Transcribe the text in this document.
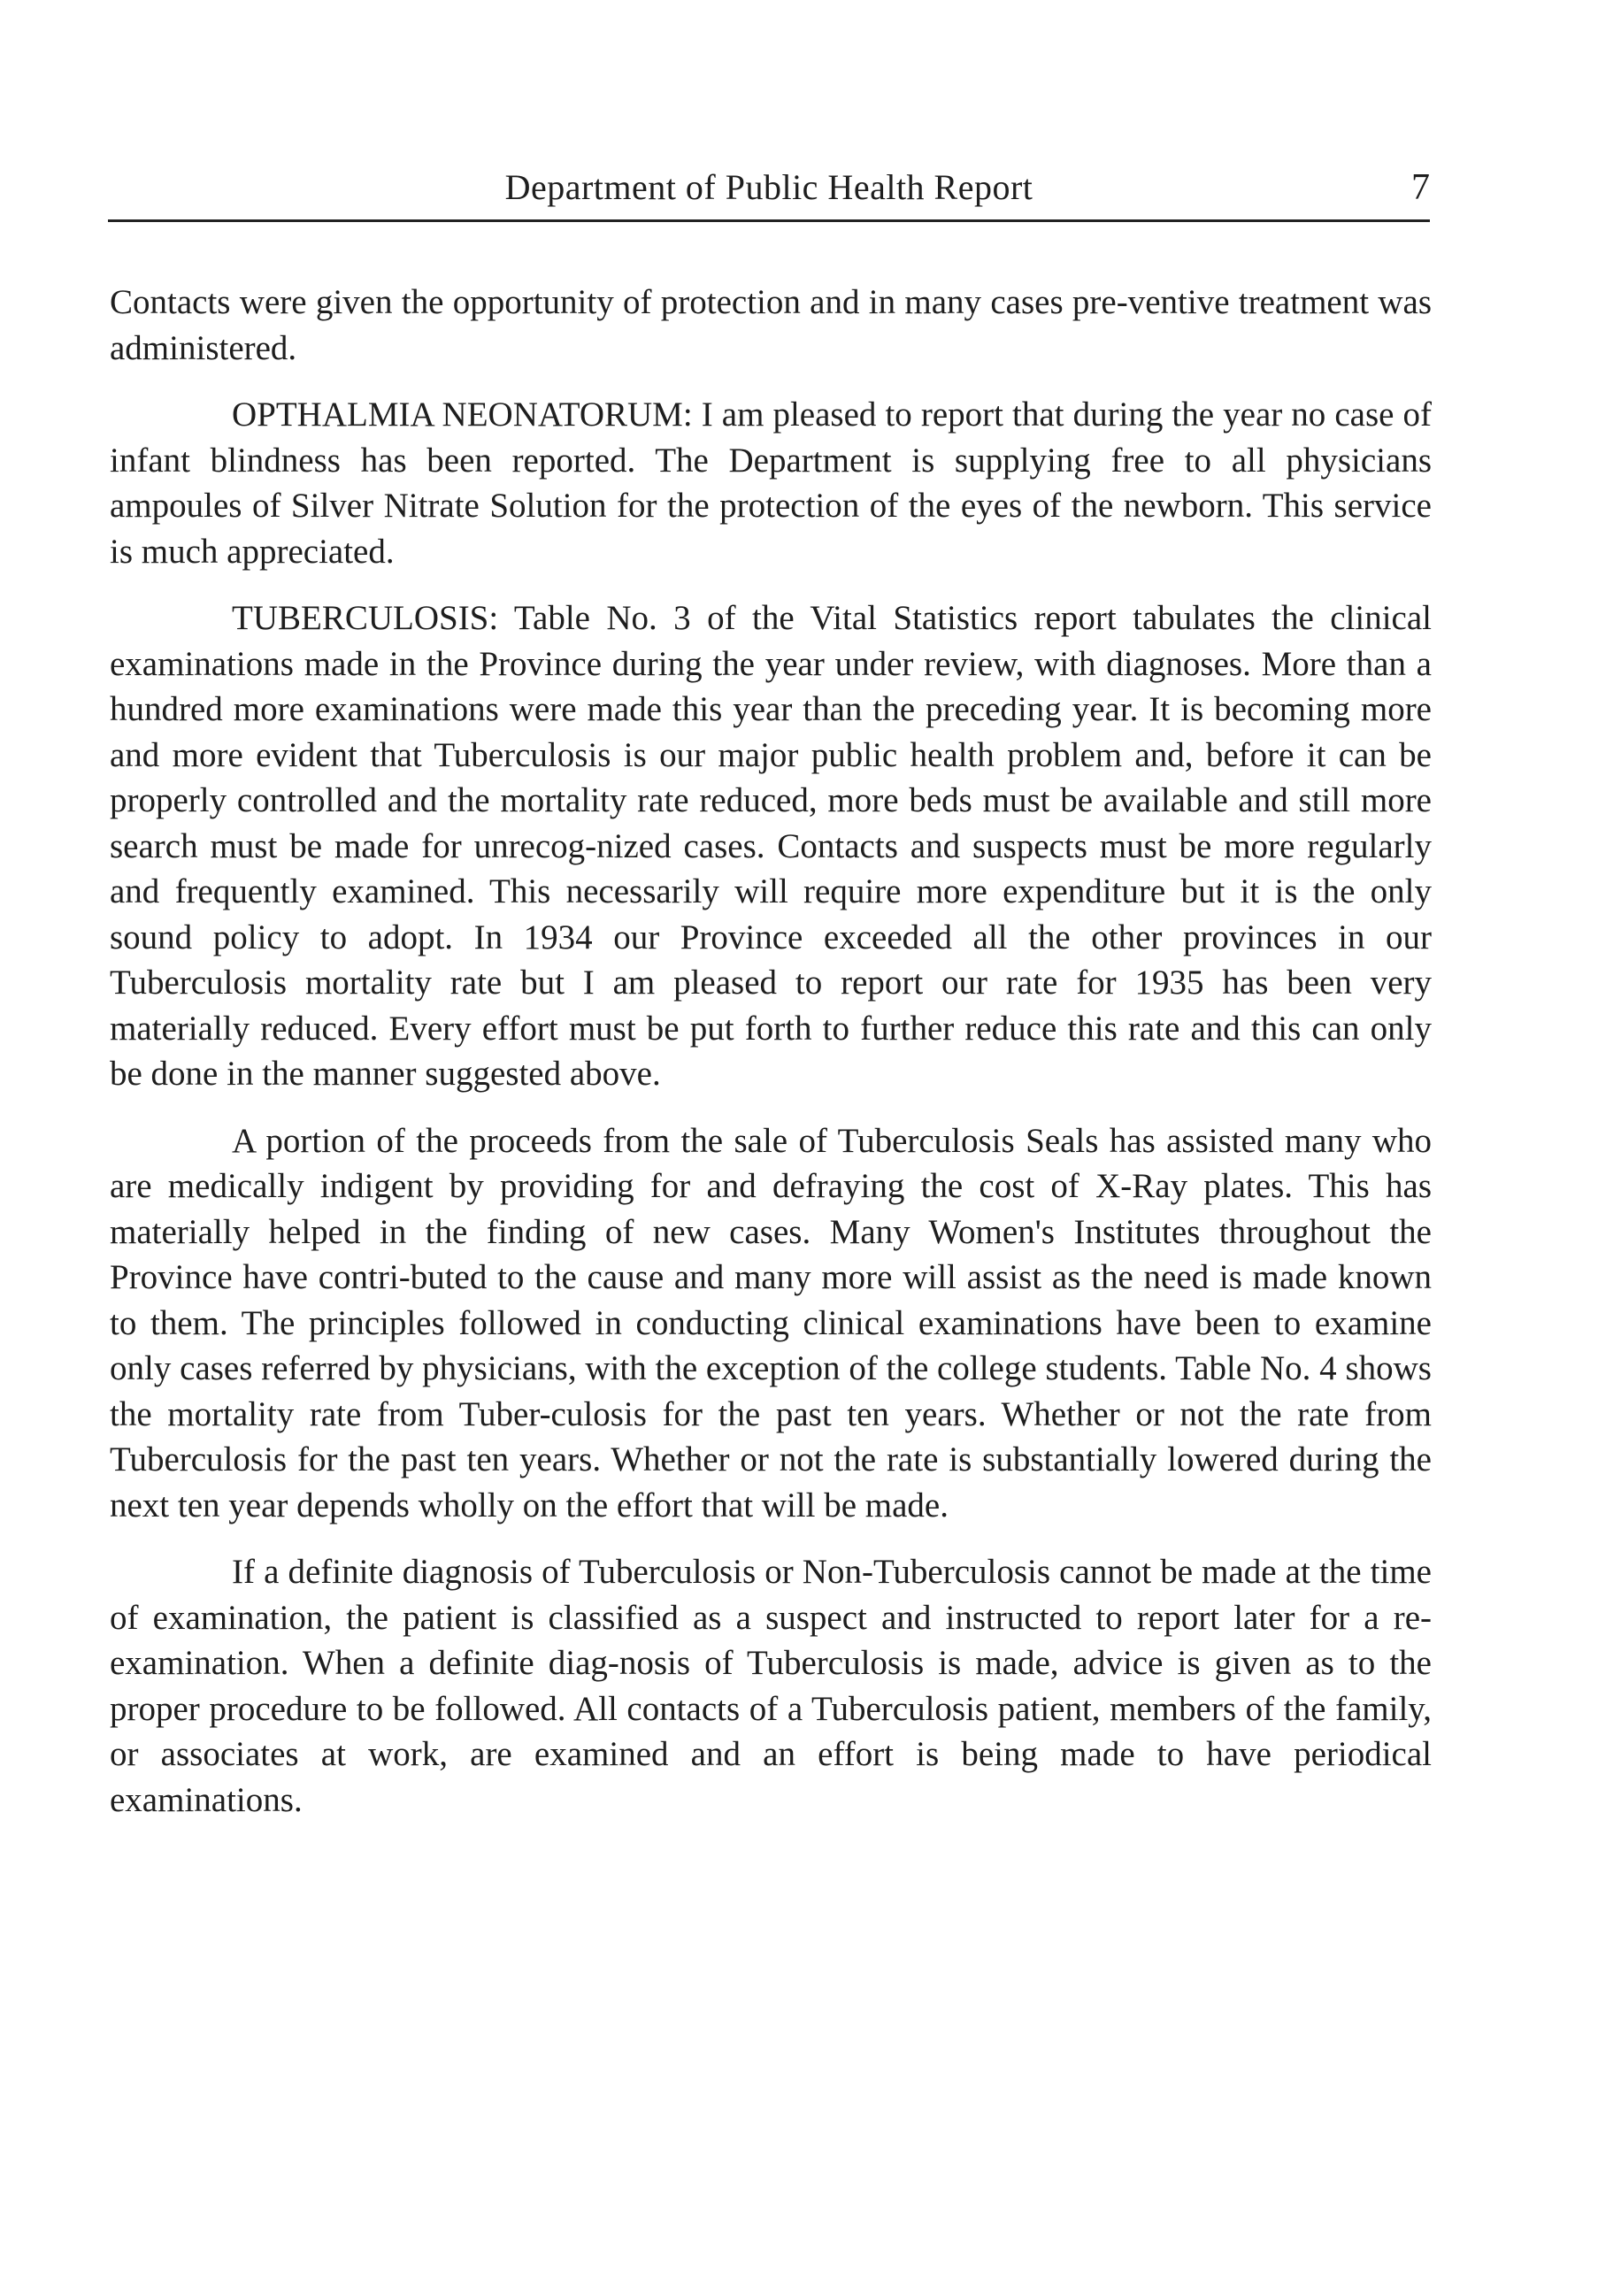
Department of Public Health Report	7

Contacts were given the opportunity of protection and in many cases pre-ventive treatment was administered.

OPTHALMIA NEONATORUM: I am pleased to report that during the year no case of infant blindness has been reported. The Department is supplying free to all physicians ampoules of Silver Nitrate Solution for the protection of the eyes of the newborn. This service is much appreciated.

TUBERCULOSIS: Table No. 3 of the Vital Statistics report tabulates the clinical examinations made in the Province during the year under review, with diagnoses. More than a hundred more examinations were made this year than the preceding year. It is becoming more and more evident that Tuberculosis is our major public health problem and, before it can be properly controlled and the mortality rate reduced, more beds must be available and still more search must be made for unrecog-nized cases. Contacts and suspects must be more regularly and frequently examined. This necessarily will require more expenditure but it is the only sound policy to adopt. In 1934 our Province exceeded all the other provinces in our Tuberculosis mortality rate but I am pleased to report our rate for 1935 has been very materially reduced. Every effort must be put forth to further reduce this rate and this can only be done in the manner suggested above.

A portion of the proceeds from the sale of Tuberculosis Seals has assisted many who are medically indigent by providing for and defraying the cost of X-Ray plates. This has materially helped in the finding of new cases. Many Women's Institutes throughout the Province have contri-buted to the cause and many more will assist as the need is made known to them. The principles followed in conducting clinical examinations have been to examine only cases referred by physicians, with the exception of the college students. Table No. 4 shows the mortality rate from Tuber-culosis for the past ten years. Whether or not the rate from Tuberculosis for the past ten years. Whether or not the rate is substantially lowered during the next ten year depends wholly on the effort that will be made.

If a definite diagnosis of Tuberculosis or Non-Tuberculosis cannot be made at the time of examination, the patient is classified as a suspect and instructed to report later for a re-examination. When a definite diag-nosis of Tuberculosis is made, advice is given as to the proper procedure to be followed. All contacts of a Tuberculosis patient, members of the family, or associates at work, are examined and an effort is being made to have periodical examinations.
